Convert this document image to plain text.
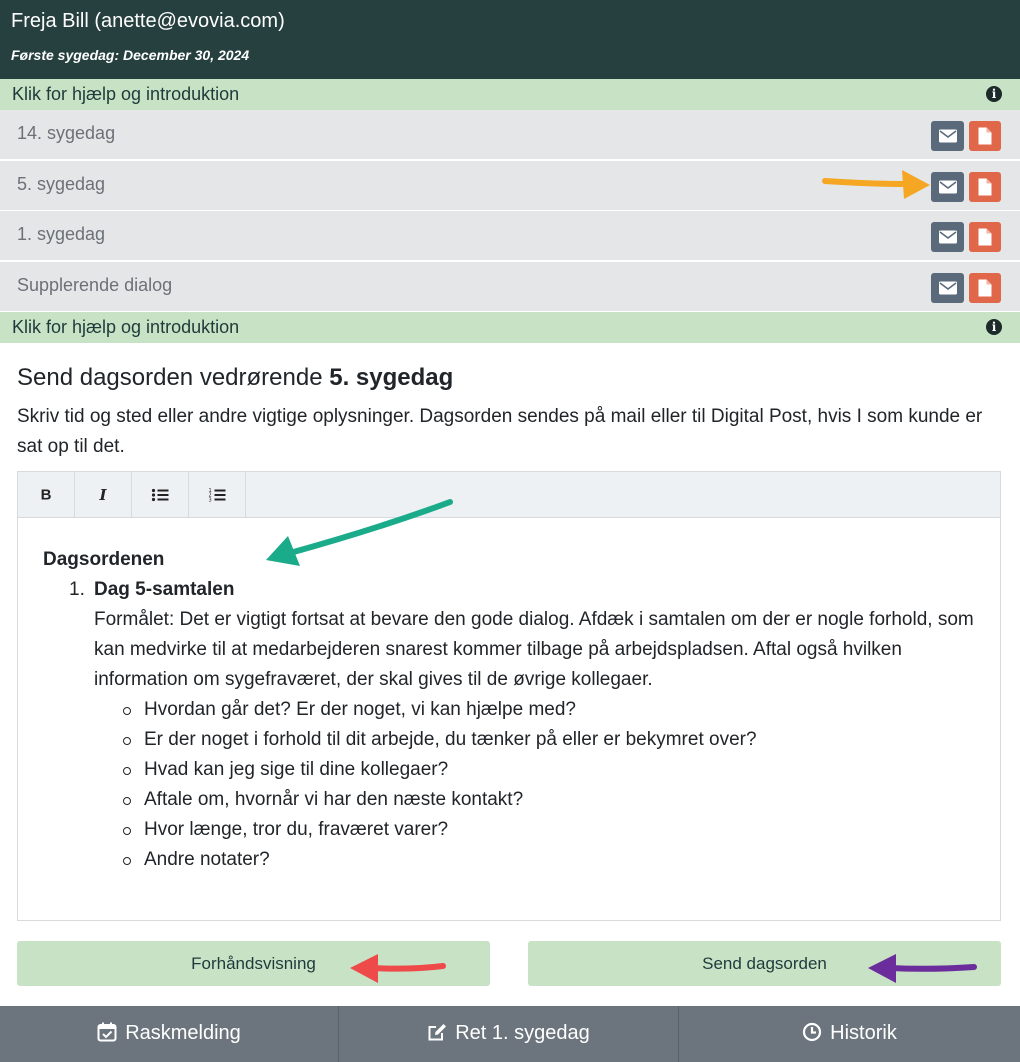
Freja Bill (anette@evovia.com)
Første sygedag: December 30, 2024
Klik for hjælp og introduktion	i
14. sygedag
5. sygedag
1. sygedag
Supplerende dialog
Klik for hjælp og introduktion	i
Send dagsorden vedrørende 5. sygedag
Skriv tid og sted eller andre vigtige oplysninger. Dagsorden sendes på mail eller til Digital Post, hvis I som kunde er sat op til det.
B	I	1
2
3
Dagsordenen
1. Dag 5-samtalen
Formålet: Det er vigtigt fortsat at bevare den gode dialog. Afdæk i samtalen om der er nogle forhold, som kan medvirke til at medarbejderen snarest kommer tilbage på arbejdspladsen. Aftal også hvilken information om sygefraværet, der skal gives til de øvrige kollegaer.
Hvordan går det? Er der noget, vi kan hjælpe med?
Er der noget i forhold til dit arbejde, du tænker på eller er bekymret over?
Hvad kan jeg sige til dine kollegaer?
Aftale om, hvornår vi har den næste kontakt?
Hvor længe, tror du, fraværet varer?
Andre notater?
Forhåndsvisning	Send dagsorden
Raskmelding	Ret 1. sygedag	Historik
